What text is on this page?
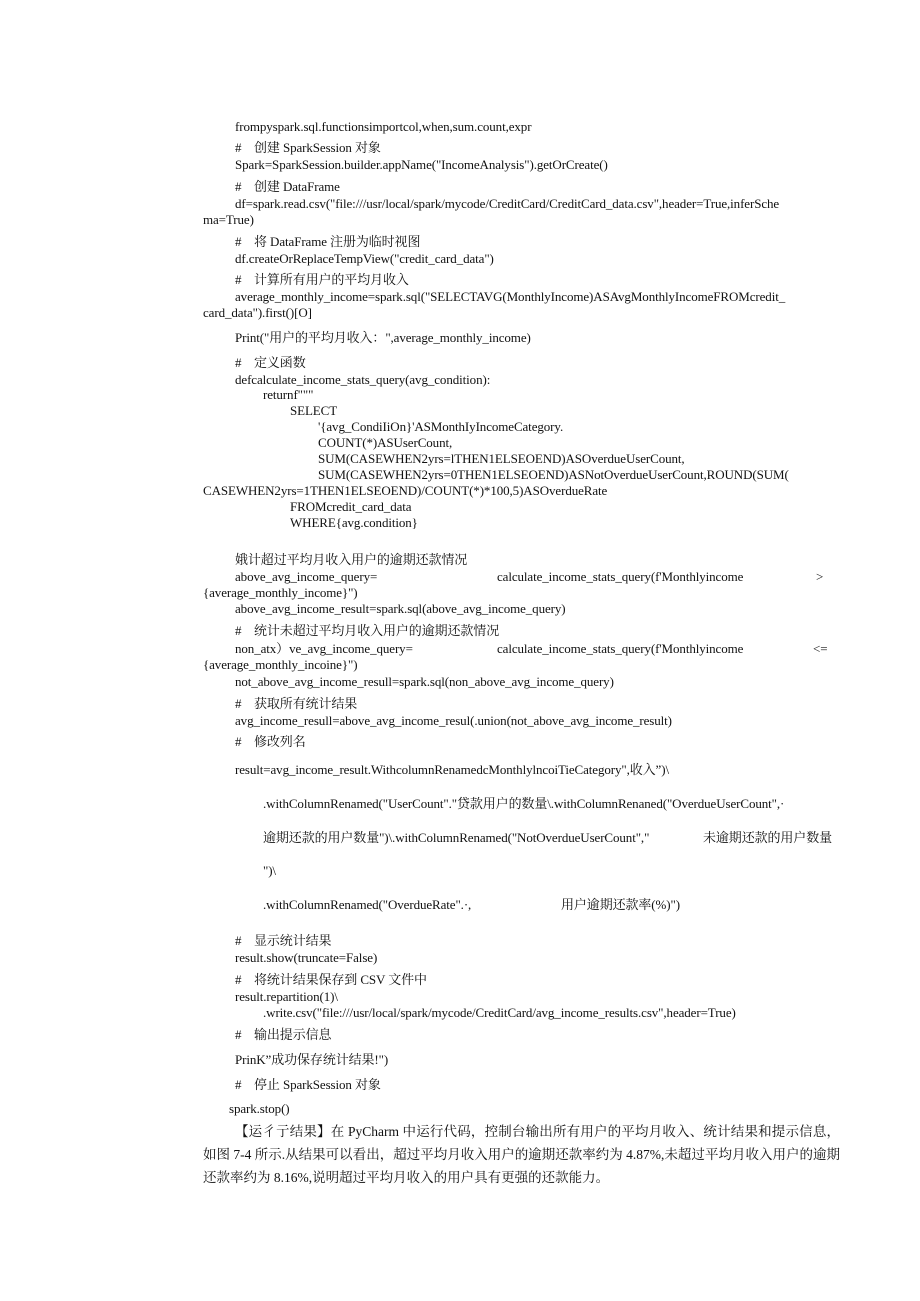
frompyspark.sql.functionsimportcol,when,sum.count,expr
#    创建 SparkSession 对象
Spark=SparkSession.builder.appName("IncomeAnalysis").getOrCreate()
#    创建 DataFrame
df=spark.read.csv("file:///usr/local/spark/mycode/CreditCard/CreditCard_data.csv",header=True,inferSche
ma=True)
#    将 DataFrame 注册为临时视图
df.createOrReplaceTempView("credit_card_data")
#    计算所有用户的平均月收入
average_monthly_income=spark.sql("SELECTAVG(MonthlyIncome)ASAvgMonthlyIncomeFROMcredit_
card_data").first()[O]
Print("用户的平均月收入：",average_monthly_income)
#    定义函数
defcalculate_income_stats_query(avg_condition):
returnf"""
SELECT
'{avg_CondiIiOn}'ASMonthIyIncomeCategory.
COUNT(*)ASUserCount,
SUM(CASEWHEN2yrs=lTHEN1ELSEOEND)ASOverdueUserCount,
SUM(CASEWHEN2yrs=0THEN1ELSEOEND)ASNotOverdueUserCount,ROUND(SUM(
CASEWHEN2yrs=1THEN1ELSEOEND)/COUNT(*)*100,5)ASOverdueRate
FROMcredit_card_data
WHERE{avg.condition}
娥计超过平均月收入用户的逾期还款情况
above_avg_income_query=	calculate_income_stats_query(f'Monthlyincome	>
{average_monthly_income}")
above_avg_income_result=spark.sql(above_avg_income_query)
#    统计未超过平均月收入用户的逾期还款情况
non_atx）ve_avg_income_query=	calculate_income_stats_query(f'Monthlyincome	<=
{average_monthly_incoine}")
not_above_avg_income_resull=spark.sql(non_above_avg_income_query)
#    获取所有统计结果
avg_income_resull=above_avg_income_resul(.union(not_above_avg_income_result)
#    修改列名
result=avg_income_result.WithcolumnRenamedcMonthlylncoiTieCategory",收入”)\
.withColumnRenamed("UserCount"."贷款用户的数量\.withColumnRenaned("OverdueUserCount",·
逾期还款的用户数量")\.withColumnRenamed("NotOverdueUserCount","	未逾期还款的用户数量
")\
.withColumnRenamed("OverdueRate".·,	用户逾期还款率(%)")
#    显示统计结果
result.show(truncate=False)
#    将统计结果保存到 CSV 文件中
result.repartition(1)\
.write.csv("file:///usr/local/spark/mycode/CreditCard/avg_income_results.csv",header=True)
#    输出提示信息
PrinK”成功保存统计结果!")
#    停止 SparkSession 对象
spark.stop()
【运彳亍结果】在 PyCharm 中运行代码，控制台输出所有用户的平均月收入、统计结果和提示信息，如图 7-4 所示.从结果可以看出，超过平均月收入用户的逾期还款率约为 4.87%,未超过平均月收入用户的逾期还款率约为 8.16%,说明超过平均月收入的用户具有更强的还款能力。
